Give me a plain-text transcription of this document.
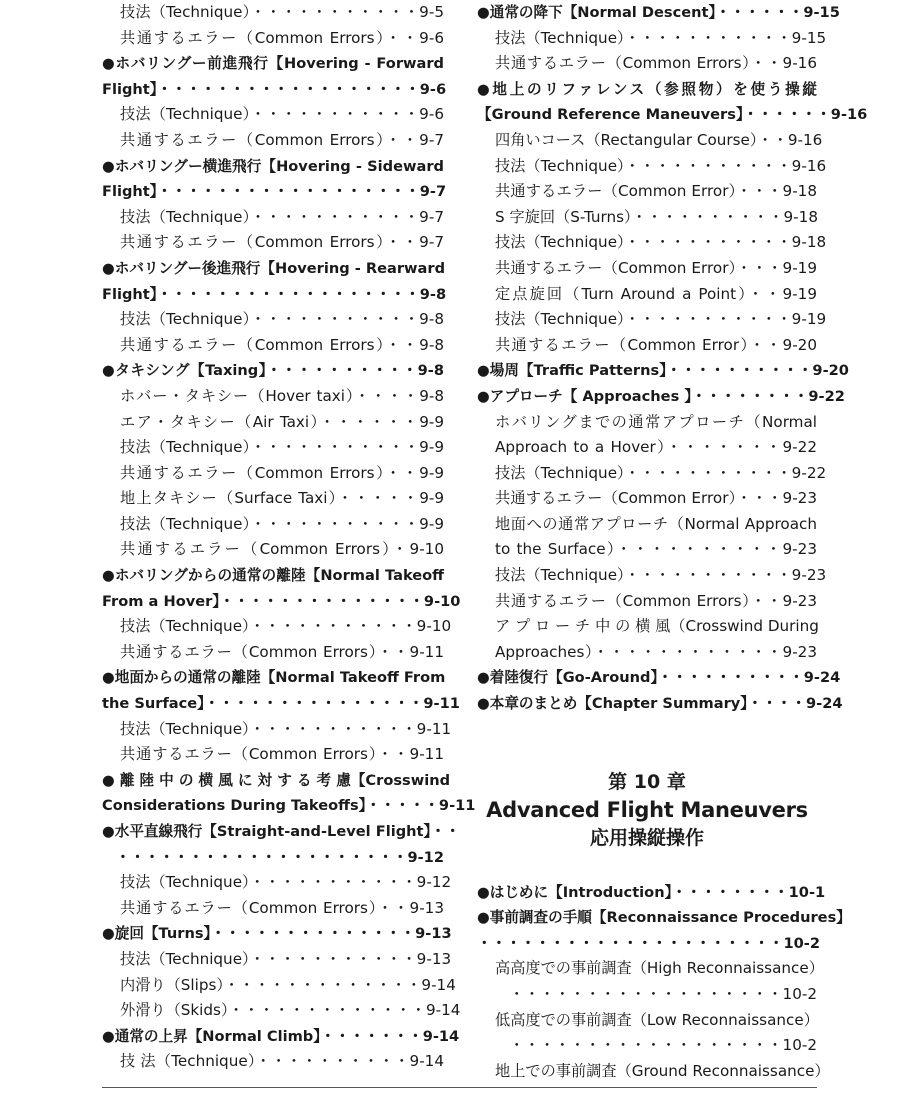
技法（Technique）・・・・・・・・・・・9-5
共通するエラー（Common Errors）・・9-6
●ホバリングー前進飛行【Hovering - Forward
Flight】・・・・・・・・・・・・・・・・・・9-6
技法（Technique）・・・・・・・・・・・9-6
共通するエラー（Common Errors）・・9-7
●ホバリングー横進飛行【Hovering - Sideward
Flight】・・・・・・・・・・・・・・・・・・9-7
技法（Technique）・・・・・・・・・・・9-7
共通するエラー（Common Errors）・・9-7
●ホバリングー後進飛行【Hovering - Rearward
Flight】・・・・・・・・・・・・・・・・・・9-8
技法（Technique）・・・・・・・・・・・9-8
共通するエラー（Common Errors）・・9-8
●タキシング【Taxing】・・・・・・・・・・9-8
ホバー・タキシー（Hover taxi）・・・・9-8
エア・タキシー（Air Taxi）・・・・・・9-9
技法（Technique）・・・・・・・・・・・9-9
共通するエラー（Common Errors）・・9-9
地上タキシー（Surface Taxi）・・・・・9-9
技法（Technique）・・・・・・・・・・・9-9
共通するエラー（Common Errors）・9-10
●ホバリングからの通常の離陸【Normal Takeoff
From a Hover】・・・・・・・・・・・・・・9-10
技法（Technique）・・・・・・・・・・・9-10
共通するエラー（Common Errors）・・9-11
●地面からの通常の離陸【Normal Takeoff From
the Surface】・・・・・・・・・・・・・・・9-11
技法（Technique）・・・・・・・・・・・9-11
共通するエラー（Common Errors）・・9-11
● 離 陸 中 の 横 風 に 対 す る 考 慮【Crosswind
Considerations During Takeoffs】・・・・・9-11
●水平直線飛行【Straight-and-Level Flight】・・
・・・・・・・・・・・・・・・・・・・・9-12
技法（Technique）・・・・・・・・・・・9-12
共通するエラー（Common Errors）・・9-13
●旋回【Turns】・・・・・・・・・・・・・・9-13
技法（Technique）・・・・・・・・・・・9-13
内滑り（Slips）・・・・・・・・・・・・・9-14
外滑り（Skids）・・・・・・・・・・・・・9-14
●通常の上昇【Normal Climb】・・・・・・・9-14
技 法（Technique）・・・・・・・・・・9-14
●通常の降下【Normal Descent】・・・・・・9-15
技法（Technique）・・・・・・・・・・・9-15
共通するエラー（Common Errors）・・9-16
●地上のリファレンス（参照物）を使う操縦
【Ground Reference Maneuvers】・・・・・・9-16
四角いコース（Rectangular Course）・・9-16
技法（Technique）・・・・・・・・・・・9-16
共通するエラー（Common Error）・・・9-18
S 字旋回（S-Turns）・・・・・・・・・・9-18
技法（Technique）・・・・・・・・・・・9-18
共通するエラー（Common Error）・・・9-19
定点旋回（Turn Around a Point）・・9-19
技法（Technique）・・・・・・・・・・・9-19
共通するエラー（Common Error）・・9-20
●場周【Traffic Patterns】・・・・・・・・・・9-20
●アプローチ【 Approaches 】・・・・・・・・9-22
ホバリングまでの通常アプローチ（Normal
Approach to a Hover）・・・・・・・9-22
技法（Technique）・・・・・・・・・・・9-22
共通するエラー（Common Error）・・・9-23
地面への通常アプローチ（Normal Approach
to the Surface）・・・・・・・・・・9-23
技法（Technique）・・・・・・・・・・・9-23
共通するエラー（Common Errors）・・9-23
ア プ ロ ー チ 中 の 横 風（Crosswind During
Approaches）・・・・・・・・・・・・9-23
●着陸復行【Go-Around】・・・・・・・・・・9-24
●本章のまとめ【Chapter Summary】・・・・9-24
第 10 章
Advanced Flight Maneuvers
応用操縦操作
●はじめに【Introduction】・・・・・・・・10-1
●事前調査の手順【Reconnaissance Procedures】
・・・・・・・・・・・・・・・・・・・・・10-2
高高度での事前調査（High Reconnaissance）
・・・・・・・・・・・・・・・・・・10-2
低高度での事前調査（Low Reconnaissance）
・・・・・・・・・・・・・・・・・・10-2
地上での事前調査（Ground Reconnaissance）
